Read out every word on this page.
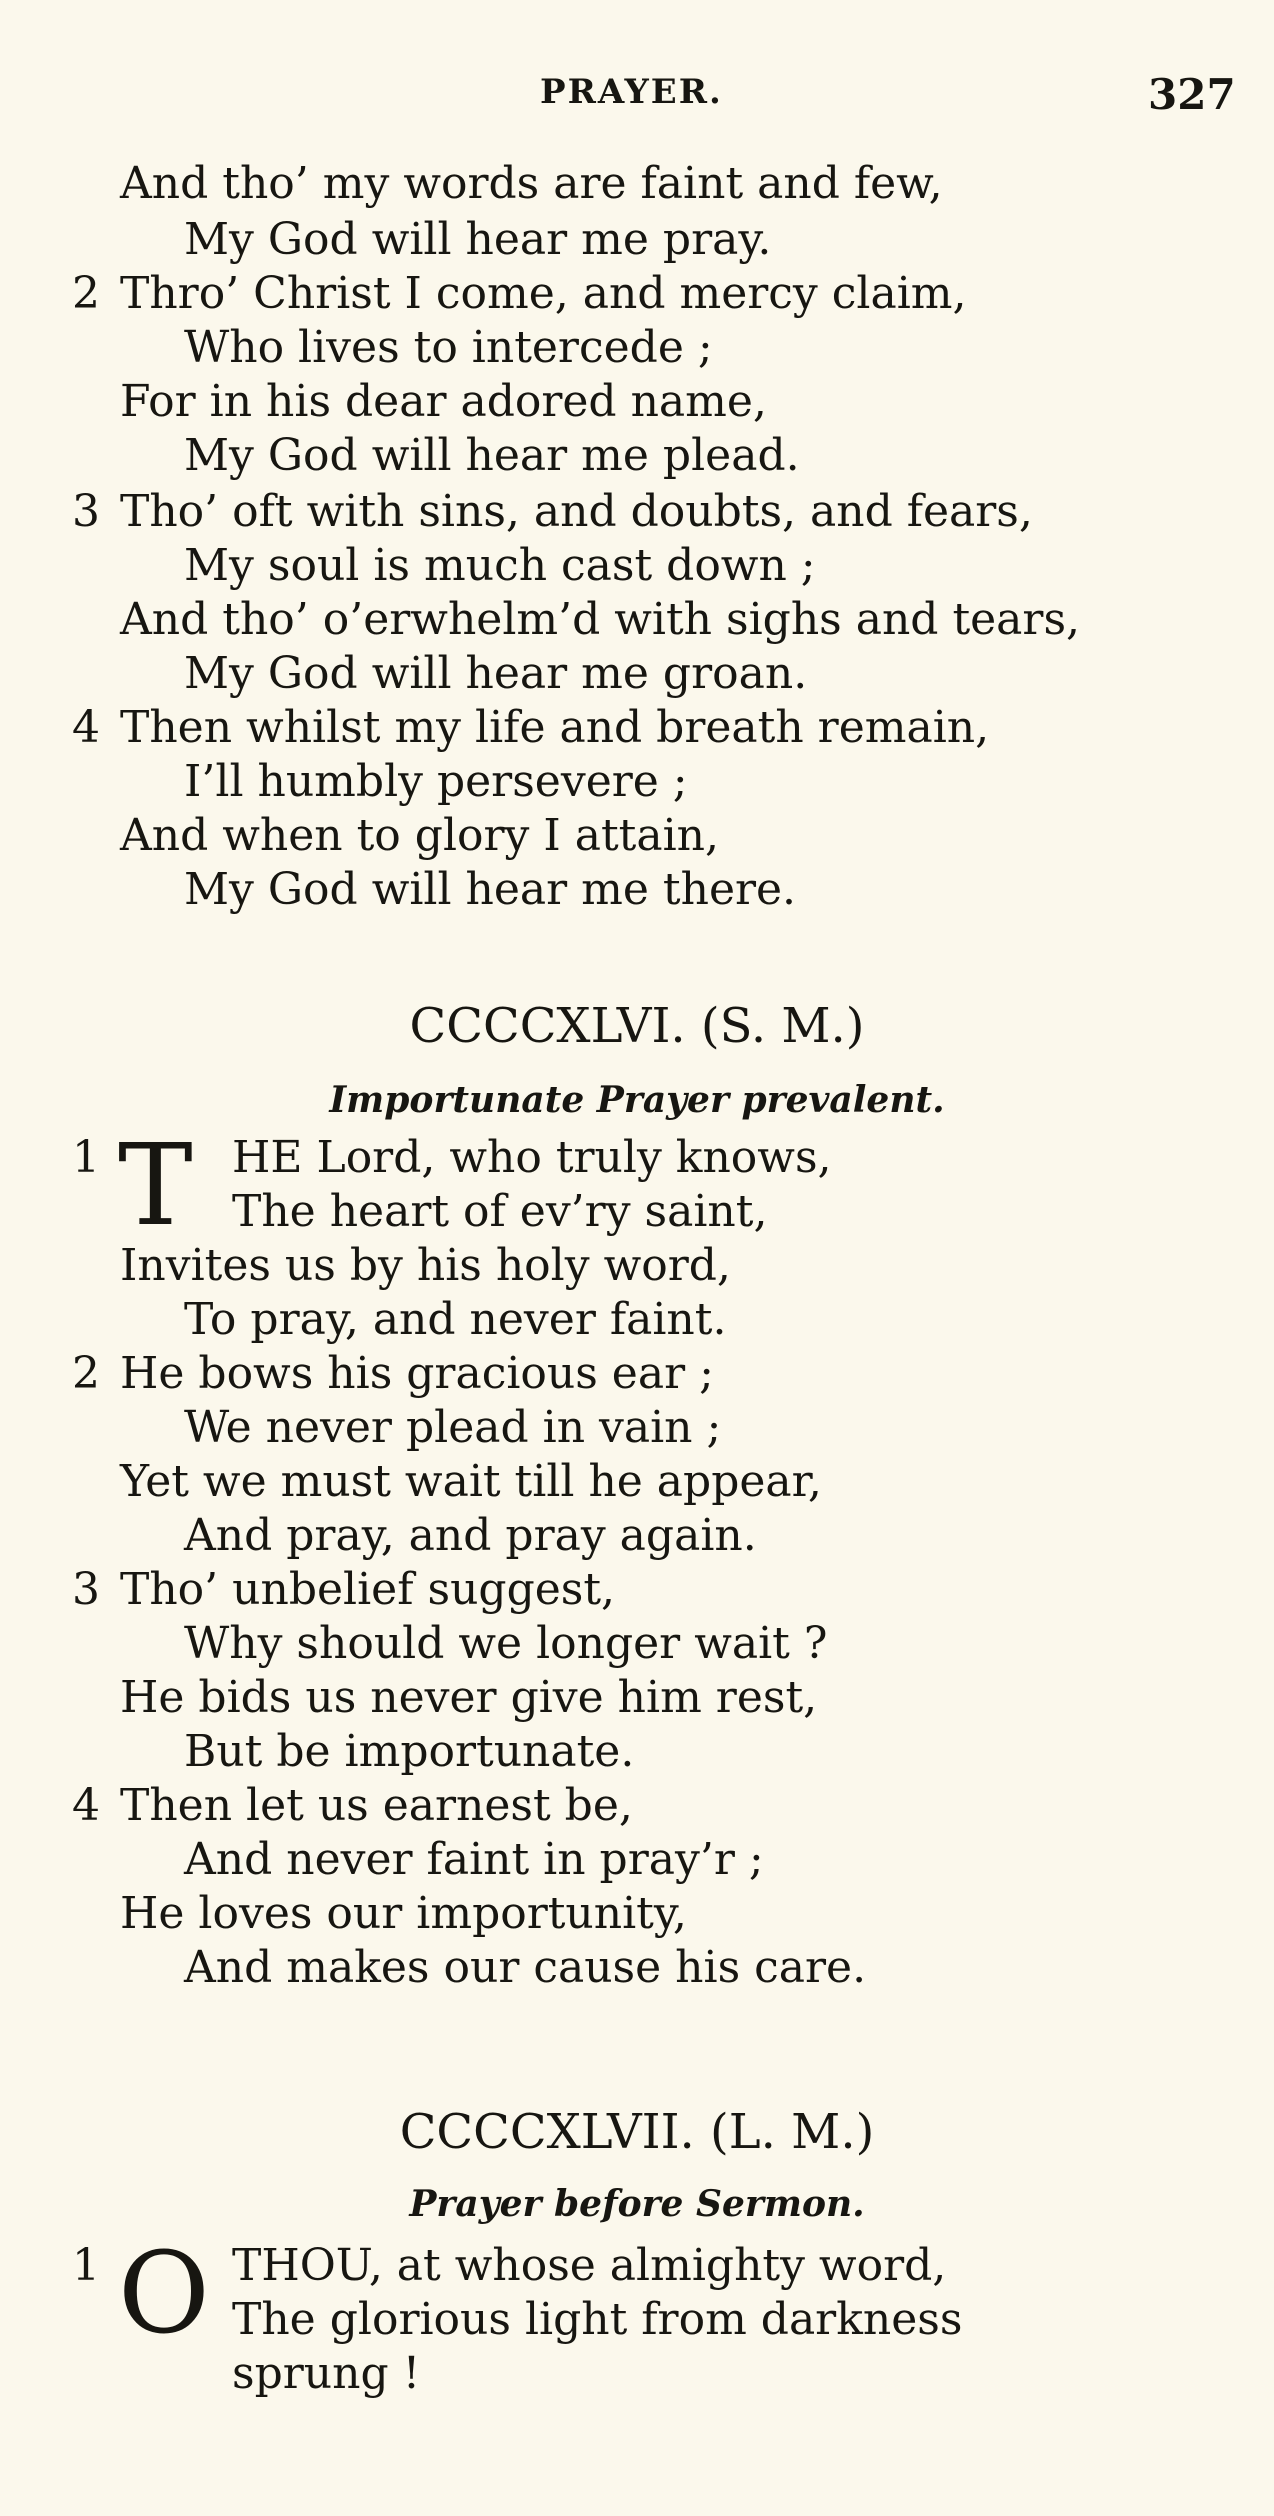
PRAYER.	327
And tho’ my words are faint and few,
My God will hear me pray.
2 Thro’ Christ I come, and mercy claim,
Who lives to intercede ;
For in his dear adored name,
My God will hear me plead.
3 Tho’ oft with sins, and doubts, and fears,
My soul is much cast down ;
And tho’ o’erwhelm’d with sighs and tears,
My God will hear me groan.
4 Then whilst my life and breath remain,
I’ll humbly persevere ;
And when to glory I attain,
My God will hear me there.
CCCCXLVI. (S. M.)
Importunate Prayer prevalent.
1 T HE Lord, who truly knows,
The heart of ev’ry saint,
Invites us by his holy word,
To pray, and never faint.
2 He bows his gracious ear ;
We never plead in vain ;
Yet we must wait till he appear,
And pray, and pray again.
3 Tho’ unbelief suggest,
Why should we longer wait ?
He bids us never give him rest,
But be importunate.
4 Then let us earnest be,
And never faint in pray’r ;
He loves our importunity,
And makes our cause his care.
CCCCXLVII. (L. M.)
Prayer before Sermon.
1 O THOU, at whose almighty word,
The glorious light from darkness
sprung !
